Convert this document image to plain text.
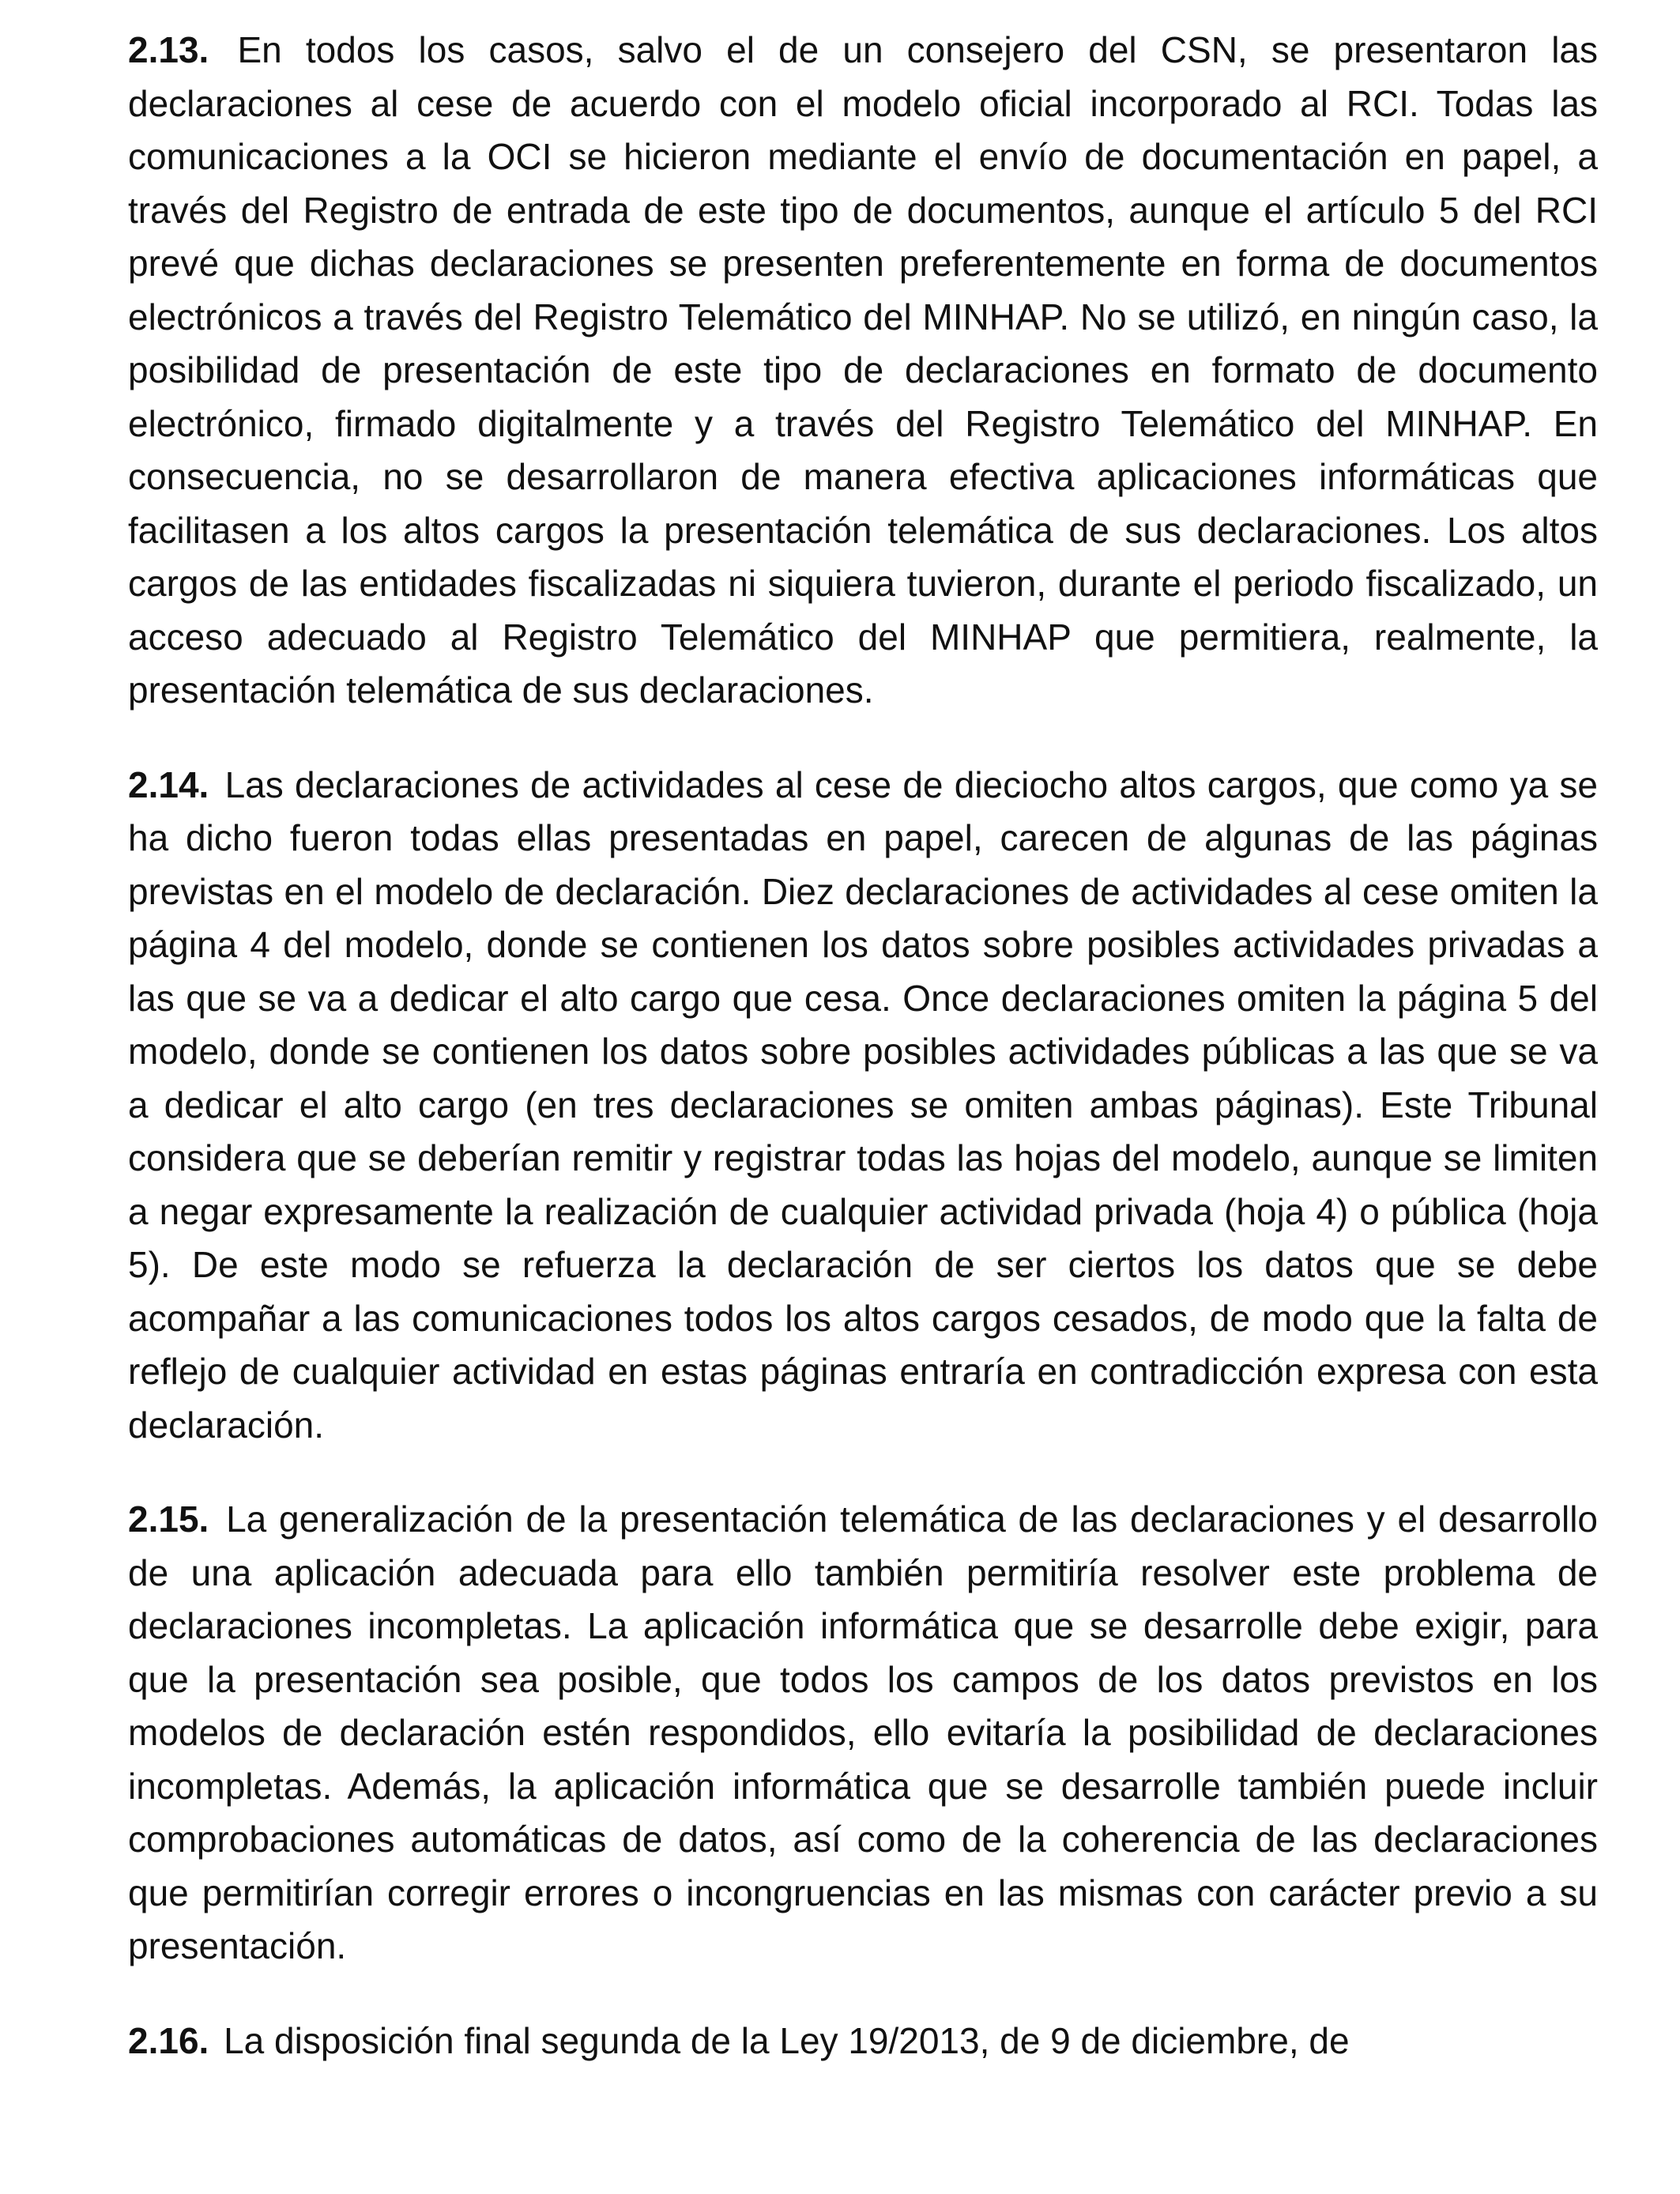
2.13. En todos los casos, salvo el de un consejero del CSN, se presentaron las declaraciones al cese de acuerdo con el modelo oficial incorporado al RCI. Todas las comunicaciones a la OCI se hicieron mediante el envío de documentación en papel, a través del Registro de entrada de este tipo de documentos, aunque el artículo 5 del RCI prevé que dichas declaraciones se presenten preferentemente en forma de documentos electrónicos a través del Registro Telemático del MINHAP. No se utilizó, en ningún caso, la posibilidad de presentación de este tipo de declaraciones en formato de documento electrónico, firmado digitalmente y a través del Registro Telemático del MINHAP. En consecuencia, no se desarrollaron de manera efectiva aplicaciones informáticas que facilitasen a los altos cargos la presentación telemática de sus declaraciones. Los altos cargos de las entidades fiscalizadas ni siquiera tuvieron, durante el periodo fiscalizado, un acceso adecuado al Registro Telemático del MINHAP que permitiera, realmente, la presentación telemática de sus declaraciones.

2.14. Las declaraciones de actividades al cese de dieciocho altos cargos, que como ya se ha dicho fueron todas ellas presentadas en papel, carecen de algunas de las páginas previstas en el modelo de declaración. Diez declaraciones de actividades al cese omiten la página 4 del modelo, donde se contienen los datos sobre posibles actividades privadas a las que se va a dedicar el alto cargo que cesa. Once declaraciones omiten la página 5 del modelo, donde se contienen los datos sobre posibles actividades públicas a las que se va a dedicar el alto cargo (en tres declaraciones se omiten ambas páginas). Este Tribunal considera que se deberían remitir y registrar todas las hojas del modelo, aunque se limiten a negar expresamente la realización de cualquier actividad privada (hoja 4) o pública (hoja 5). De este modo se refuerza la declaración de ser ciertos los datos que se debe acompañar a las comunicaciones todos los altos cargos cesados, de modo que la falta de reflejo de cualquier actividad en estas páginas entraría en contradicción expresa con esta declaración.

2.15. La generalización de la presentación telemática de las declaraciones y el desarrollo de una aplicación adecuada para ello también permitiría resolver este problema de declaraciones incompletas. La aplicación informática que se desarrolle debe exigir, para que la presentación sea posible, que todos los campos de los datos previstos en los modelos de declaración estén respondidos, ello evitaría la posibilidad de declaraciones incompletas. Además, la aplicación informática que se desarrolle también puede incluir comprobaciones automáticas de datos, así como de la coherencia de las declaraciones que permitirían corregir errores o incongruencias en las mismas con carácter previo a su presentación.

2.16. La disposición final segunda de la Ley 19/2013, de 9 de diciembre, de
